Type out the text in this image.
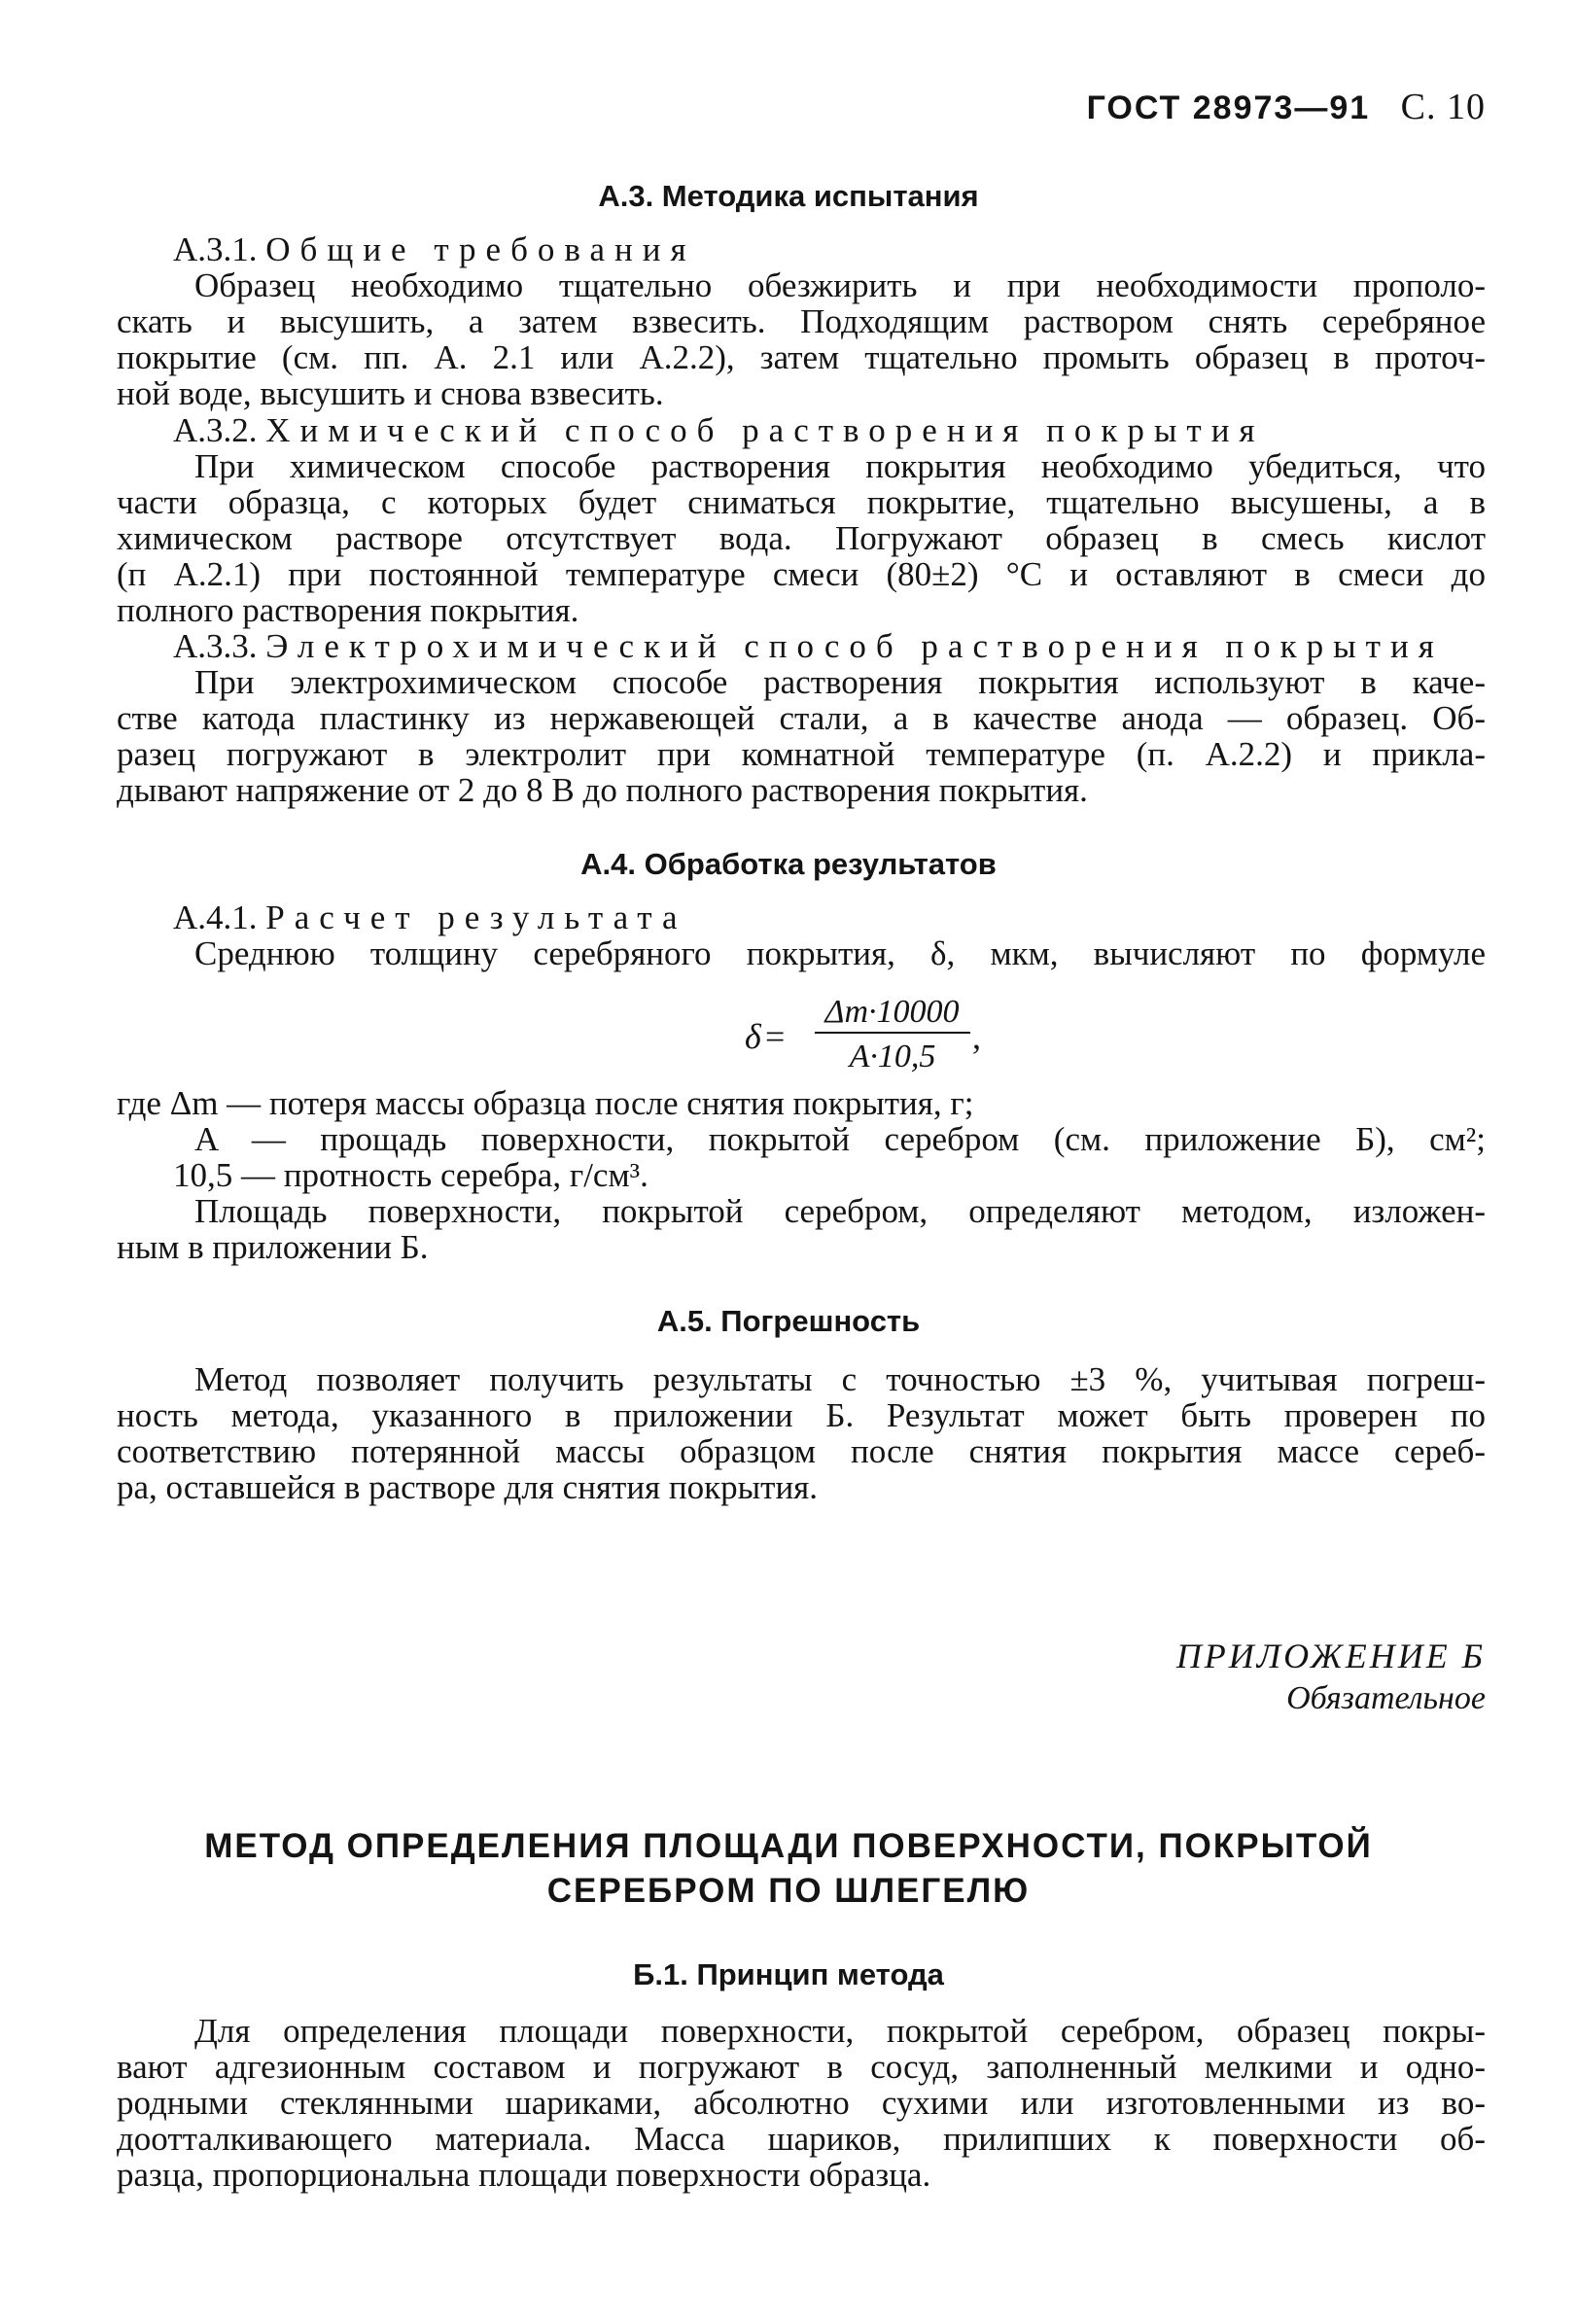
ГОСТ 28973—91 С. 10
А.3. Методика испытания
А.3.1. Общие требования
Образец необходимо тщательно обезжирить и при необходимости прополо-
скать и высушить, а затем взвесить. Подходящим раствором снять серебряное
покрытие (см. пп. А. 2.1 или А.2.2), затем тщательно промыть образец в проточ-
ной воде, высушить и снова взвесить.
А.3.2. Химический способ растворения покрытия
При химическом способе растворения покрытия необходимо убедиться, что
части образца, с которых будет сниматься покрытие, тщательно высушены, а в
химическом растворе отсутствует вода. Погружают образец в смесь кислот
(п А.2.1) при постоянной температуре смеси (80±2) °С и оставляют в смеси до
полного растворения покрытия.
А.3.3. Электрохимический способ растворения покрытия
При электрохимическом способе растворения покрытия используют в каче-
стве катода пластинку из нержавеющей стали, а в качестве анода — образец. Об-
разец погружают в электролит при комнатной температуре (п. А.2.2) и прикла-
дывают напряжение от 2 до 8 В до полного растворения покрытия.
А.4. Обработка результатов
А.4.1. Расчет результата
Среднюю толщину серебряного покрытия, δ, мкм, вычисляют по формуле
δ =
Δm·10000
A·10,5
,
где Δm — потеря массы образца после снятия покрытия, г;
A — прощадь поверхности, покрытой серебром (см. приложение Б), см²;
10,5 — протность серебра, г/см³.
Площадь поверхности, покрытой серебром, определяют методом, изложен-
ным в приложении Б.
А.5. Погрешность
Метод позволяет получить результаты с точностью ±3 %, учитывая погреш-
ность метода, указанного в приложении Б. Результат может быть проверен по
соответствию потерянной массы образцом после снятия покрытия массе сереб-
ра, оставшейся в растворе для снятия покрытия.
ПРИЛОЖЕНИЕ Б
Обязательное
МЕТОД ОПРЕДЕЛЕНИЯ ПЛОЩАДИ ПОВЕРХНОСТИ, ПОКРЫТОЙ
СЕРЕБРОМ ПО ШЛЕГЕЛЮ
Б.1. Принцип метода
Для определения площади поверхности, покрытой серебром, образец покры-
вают адгезионным составом и погружают в сосуд, заполненный мелкими и одно-
родными стеклянными шариками, абсолютно сухими или изготовленными из во-
доотталкивающего материала. Масса шариков, прилипших к поверхности об-
разца, пропорциональна площади поверхности образца.
